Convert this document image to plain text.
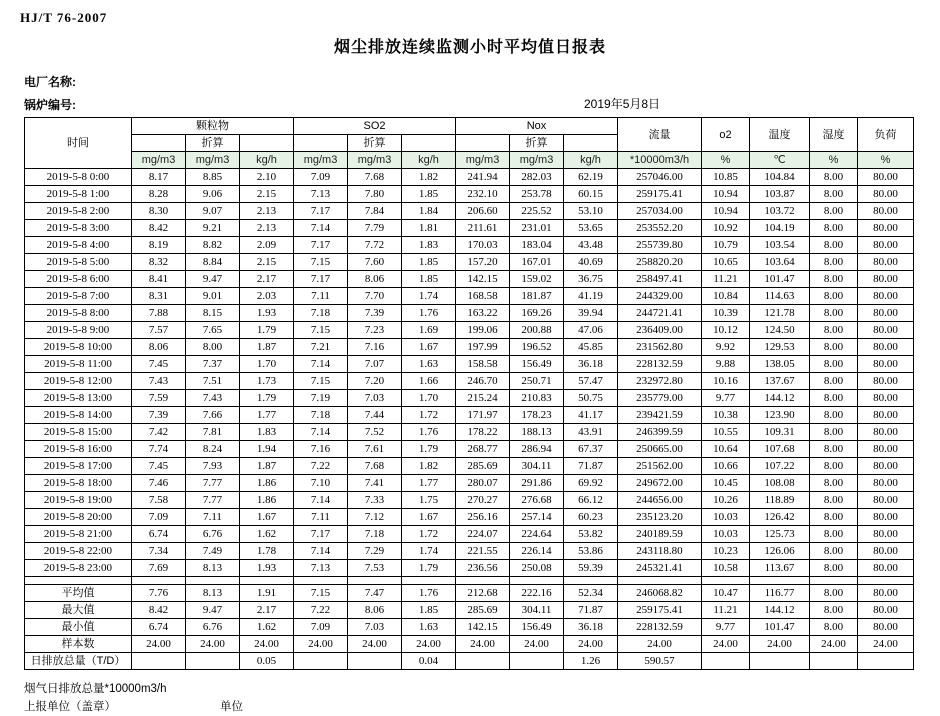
HJ/T 76-2007
烟尘排放连续监测小时平均值日报表
电厂名称:
锅炉编号:	2019年5月8日
时间	颗粒物			SO2			Nox			流量	о2	温度	湿度	负荷
		折算			折算			折算						
	mg/m3	mg/m3	kg/h	mg/m3	mg/m3	kg/h	mg/m3	mg/m3	kg/h	*10000m3/h	%	℃	%	%
2019-5-8 0:00	8.17	8.85	2.10	7.09	7.68	1.82	241.94	282.03	62.19	257046.00	10.85	104.84	8.00	80.00
2019-5-8 1:00	8.28	9.06	2.15	7.13	7.80	1.85	232.10	253.78	60.15	259175.41	10.94	103.87	8.00	80.00
2019-5-8 2:00	8.30	9.07	2.13	7.17	7.84	1.84	206.60	225.52	53.10	257034.00	10.94	103.72	8.00	80.00
2019-5-8 3:00	8.42	9.21	2.13	7.14	7.79	1.81	211.61	231.01	53.65	253552.20	10.92	104.19	8.00	80.00
2019-5-8 4:00	8.19	8.82	2.09	7.17	7.72	1.83	170.03	183.04	43.48	255739.80	10.79	103.54	8.00	80.00
2019-5-8 5:00	8.32	8.84	2.15	7.15	7.60	1.85	157.20	167.01	40.69	258820.20	10.65	103.64	8.00	80.00
2019-5-8 6:00	8.41	9.47	2.17	7.17	8.06	1.85	142.15	159.02	36.75	258497.41	11.21	101.47	8.00	80.00
2019-5-8 7:00	8.31	9.01	2.03	7.11	7.70	1.74	168.58	181.87	41.19	244329.00	10.84	114.63	8.00	80.00
2019-5-8 8:00	7.88	8.15	1.93	7.18	7.39	1.76	163.22	169.26	39.94	244721.41	10.39	121.78	8.00	80.00
2019-5-8 9:00	7.57	7.65	1.79	7.15	7.23	1.69	199.06	200.88	47.06	236409.00	10.12	124.50	8.00	80.00
2019-5-8 10:00	8.06	8.00	1.87	7.21	7.16	1.67	197.99	196.52	45.85	231562.80	9.92	129.53	8.00	80.00
2019-5-8 11:00	7.45	7.37	1.70	7.14	7.07	1.63	158.58	156.49	36.18	228132.59	9.88	138.05	8.00	80.00
2019-5-8 12:00	7.43	7.51	1.73	7.15	7.20	1.66	246.70	250.71	57.47	232972.80	10.16	137.67	8.00	80.00
2019-5-8 13:00	7.59	7.43	1.79	7.19	7.03	1.70	215.24	210.83	50.75	235779.00	9.77	144.12	8.00	80.00
2019-5-8 14:00	7.39	7.66	1.77	7.18	7.44	1.72	171.97	178.23	41.17	239421.59	10.38	123.90	8.00	80.00
2019-5-8 15:00	7.42	7.81	1.83	7.14	7.52	1.76	178.22	188.13	43.91	246399.59	10.55	109.31	8.00	80.00
2019-5-8 16:00	7.74	8.24	1.94	7.16	7.61	1.79	268.77	286.94	67.37	250665.00	10.64	107.68	8.00	80.00
2019-5-8 17:00	7.45	7.93	1.87	7.22	7.68	1.82	285.69	304.11	71.87	251562.00	10.66	107.22	8.00	80.00
2019-5-8 18:00	7.46	7.77	1.86	7.10	7.41	1.77	280.07	291.86	69.92	249672.00	10.45	108.08	8.00	80.00
2019-5-8 19:00	7.58	7.77	1.86	7.14	7.33	1.75	270.27	276.68	66.12	244656.00	10.26	118.89	8.00	80.00
2019-5-8 20:00	7.09	7.11	1.67	7.11	7.12	1.67	256.16	257.14	60.23	235123.20	10.03	126.42	8.00	80.00
2019-5-8 21:00	6.74	6.76	1.62	7.17	7.18	1.72	224.07	224.64	53.82	240189.59	10.03	125.73	8.00	80.00
2019-5-8 22:00	7.34	7.49	1.78	7.14	7.29	1.74	221.55	226.14	53.86	243118.80	10.23	126.06	8.00	80.00
2019-5-8 23:00	7.69	8.13	1.93	7.13	7.53	1.79	236.56	250.08	59.39	245321.41	10.58	113.67	8.00	80.00

平均值	7.76	8.13	1.91	7.15	7.47	1.76	212.68	222.16	52.34	246068.82	10.47	116.77	8.00	80.00
最大值	8.42	9.47	2.17	7.22	8.06	1.85	285.69	304.11	71.87	259175.41	11.21	144.12	8.00	80.00
最小值	6.74	6.76	1.62	7.09	7.03	1.63	142.15	156.49	36.18	228132.59	9.77	101.47	8.00	80.00
样本数	24.00	24.00	24.00	24.00	24.00	24.00	24.00	24.00	24.00	24.00	24.00	24.00	24.00	24.00
日排放总量（T/D）			0.05			0.04			1.26	590.57				
烟气日排放总量*10000m3/h
上报单位（盖章）	单位
